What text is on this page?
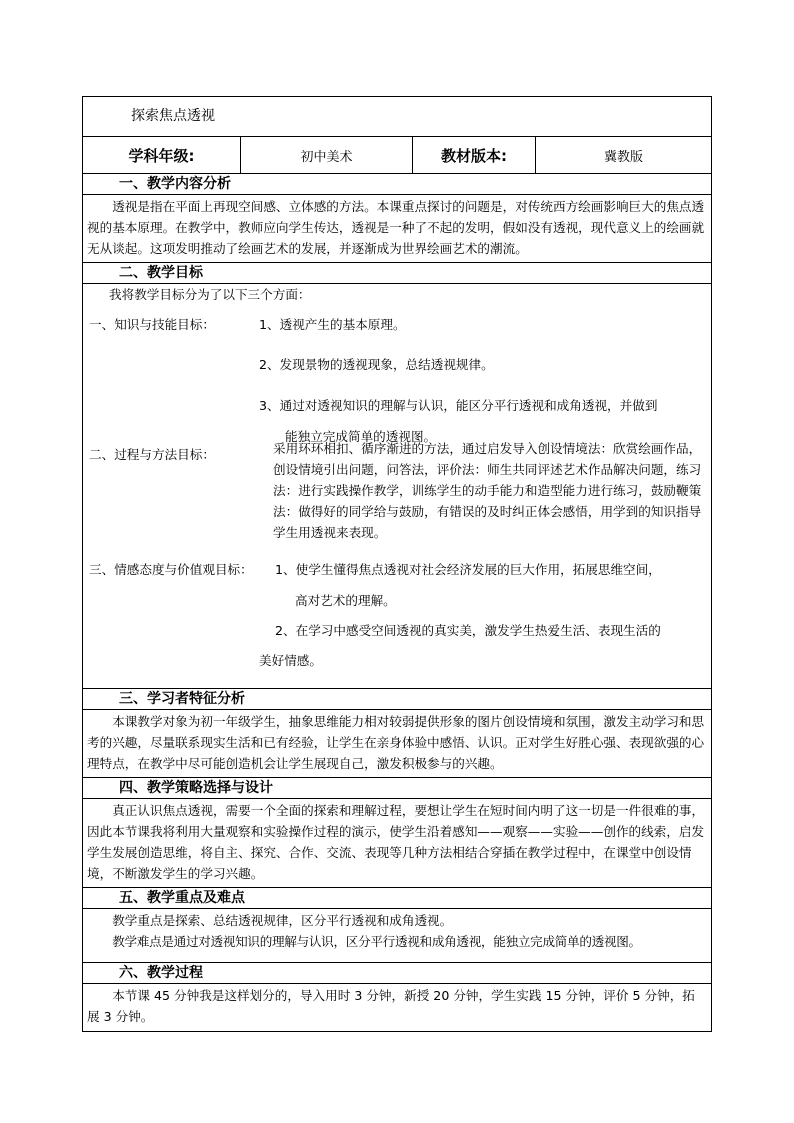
探索焦点透视
学科年级:	初中美术	教材版本:	冀教版
一、教学内容分析

透视是指在平面上再现空间感、立体感的方法。本课重点探讨的问题是，对传统西方绘画影响巨大的焦点透视的基本原理。在教学中，教师应向学生传达，透视是一种了不起的发明，假如没有透视，现代意义上的绘画就无从谈起。这项发明推动了绘画艺术的发展，并逐渐成为世界绘画艺术的潮流。

二、教学目标

我将教学目标分为了以下三个方面：
一、知识与技能目标：	1、透视产生的基本原理。
2、发现景物的透视现象，总结透视规律。
3、通过对透视知识的理解与认识，能区分平行透视和成角透视，并做到
能独立完成简单的透视图。
二、过程与方法目标：	采用环环相扣、循序渐进的方法，通过启发导入创设情境法：欣赏绘画作品，创设情境引出问题，问答法，评价法：师生共同评述艺术作品解决问题，练习法：进行实践操作教学，训练学生的动手能力和造型能力进行练习，鼓励鞭策法：做得好的同学给与鼓励，有错误的及时纠正体会感悟，用学到的知识指导学生用透视来表现。
三、情感态度与价值观目标： 1、使学生懂得焦点透视对社会经济发展的巨大作用，拓展思维空间，
高对艺术的理解。
2、在学习中感受空间透视的真实美，激发学生热爱生活、表现生活的
美好情感。

三、学习者特征分析

本课教学对象为初一年级学生，抽象思维能力相对较弱提供形象的图片创设情境和氛围，激发主动学习和思考的兴趣，尽量联系现实生活和已有经验，让学生在亲身体验中感悟、认识。正对学生好胜心强、表现欲强的心理特点，在教学中尽可能创造机会让学生展现自己，激发积极参与的兴趣。

四、教学策略选择与设计

真正认识焦点透视，需要一个全面的探索和理解过程，要想让学生在短时间内明了这一切是一件很难的事，因此本节课我将利用大量观察和实验操作过程的演示，使学生沿着感知——观察——实验——创作的线索，启发学生发展创造思维，将自主、探究、合作、交流、表现等几种方法相结合穿插在教学过程中，在课堂中创设情境，不断激发学生的学习兴趣。

五、教学重点及难点

教学重点是探索、总结透视规律，区分平行透视和成角透视。

教学难点是通过对透视知识的理解与认识，区分平行透视和成角透视，能独立完成简单的透视图。

六、教学过程

本节课 45 分钟我是这样划分的，导入用时 3 分钟，新授 20 分钟，学生实践 15 分钟，评价 5 分钟，拓展 3 分钟。
